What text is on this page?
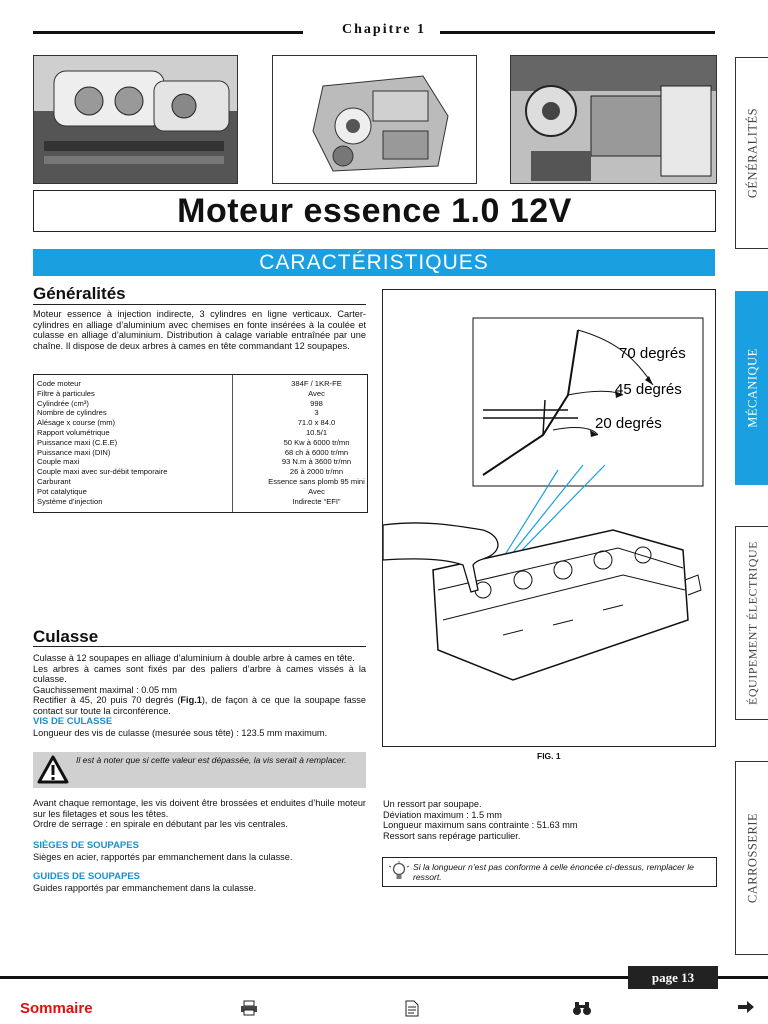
Chapitre 1
Moteur essence 1.0 12V
CARACTÉRISTIQUES
Généralités

Moteur essence à injection indirecte, 3 cylindres en ligne verticaux. Carter-cylindres en alliage d’aluminium avec chemises en fonte insérées à la coulée et culasse en alliage d’aluminium. Distribution à calage variable entraînée par une chaîne. Il dispose de deux arbres à cames en tête commandant 12 soupapes.

Code moteur	384F / 1KR-FE
Filtre à particules	Avec
Cylindrée (cm³)	998
Nombre de cylindres	3
Alésage x course (mm)	71.0 x 84.0
Rapport volumétrique	10.5/1
Puissance maxi (C.E.E)	50 Kw à 6000 tr/mn
Puissance maxi (DIN)	68 ch à 6000 tr/mn
Couple maxi	93 N.m à 3600 tr/mn
Couple maxi avec sur-débit temporaire	26 à 2000 tr/mn
Carburant	Essence sans plomb 95 mini
Pot catalytique	Avec
Système d’injection	Indirecte “EFI”
Culasse

Culasse à 12 soupapes en alliage d’aluminium à double arbre à cames en tête.

Les arbres à cames sont fixés par des paliers d’arbre à cames vissés à la culasse.

Gauchissement maximal : 0.05 mm

Rectifier à 45, 20 puis 70 degrés (Fig.1), de façon à ce que la soupape fasse contact sur toute la circonférence.

VIS DE CULASSE
Longueur des vis de culasse (mesurée sous tête) : 123.5 mm maximum.
Il est à noter que si cette valeur est dépassée, la vis serait à remplacer.

Avant chaque remontage, les vis doivent être brossées et enduites d’huile moteur sur les filetages et sous les têtes.

Ordre de serrage : en spirale en débutant par les vis centrales.

SIÈGES DE SOUPAPES
Sièges en acier, rapportés par emmanchement dans la culasse.
GUIDES DE SOUPAPES
Guides rapportés par emmanchement dans la culasse.
70 degrés
45 degrés
20 degrés
FIG. 1

Un ressort par soupape.

Déviation maximum : 1.5 mm

Longueur maximum sans contrainte : 51.63 mm

Ressort sans repérage particulier.

Si la longueur n’est pas conforme à celle énoncée ci-dessus, remplacer le ressort.
GÉNÉRALITÉS
MÉCANIQUE
ÉQUIPEMENT ÉLECTRIQUE
CARROSSERIE
page 13
Sommaire
